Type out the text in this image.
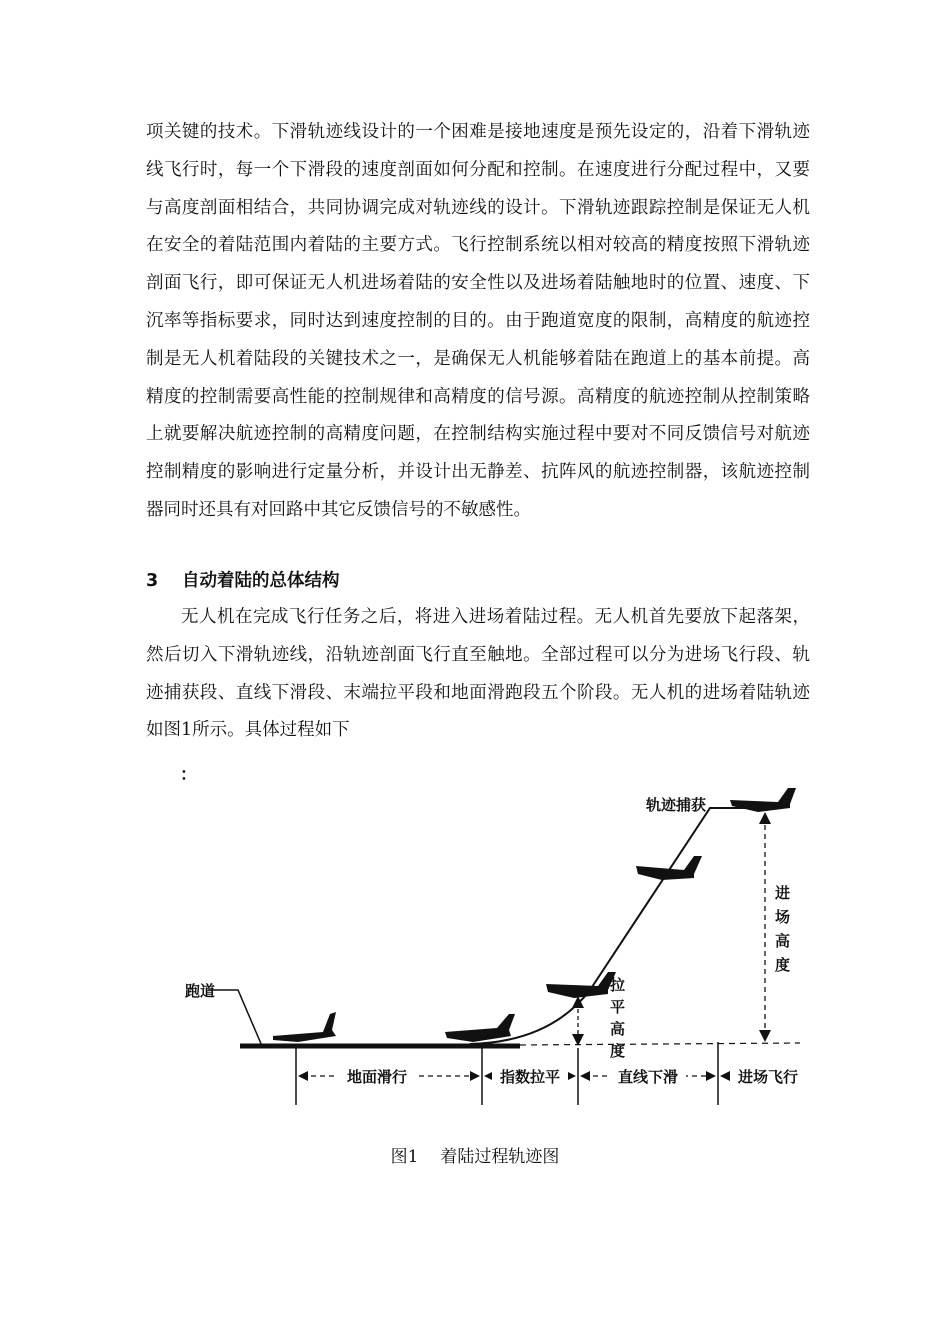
项关键的技术。下滑轨迹线设计的一个困难是接地速度是预先设定的，沿着下滑轨迹线飞行时，每一个下滑段的速度剖面如何分配和控制。在速度进行分配过程中，又要与高度剖面相结合，共同协调完成对轨迹线的设计。下滑轨迹跟踪控制是保证无人机在安全的着陆范围内着陆的主要方式。飞行控制系统以相对较高的精度按照下滑轨迹剖面飞行，即可保证无人机进场着陆的安全性以及进场着陆触地时的位置、速度、下沉率等指标要求，同时达到速度控制的目的。由于跑道宽度的限制，高精度的航迹控制是无人机着陆段的关键技术之一，是确保无人机能够着陆在跑道上的基本前提。高精度的控制需要高性能的控制规律和高精度的信号源。高精度的航迹控制从控制策略上就要解决航迹控制的高精度问题，在控制结构实施过程中要对不同反馈信号对航迹控制精度的影响进行定量分析，并设计出无静差、抗阵风的航迹控制器，该航迹控制器同时还具有对回路中其它反馈信号的不敏感性。

3 自动着陆的总体结构

无人机在完成飞行任务之后，将进入进场着陆过程。无人机首先要放下起落架，然后切入下滑轨迹线，沿轨迹剖面飞行直至触地。全部过程可以分为进场飞行段、轨迹捕获段、直线下滑段、末端拉平段和地面滑跑段五个阶段。无人机的进场着陆轨迹如图1所示。具体过程如下

：
跑道
轨迹捕获
进
场
高
度
拉
平
高
度
地面滑行	指数拉平	直线下滑	进场飞行
图1 着陆过程轨迹图
